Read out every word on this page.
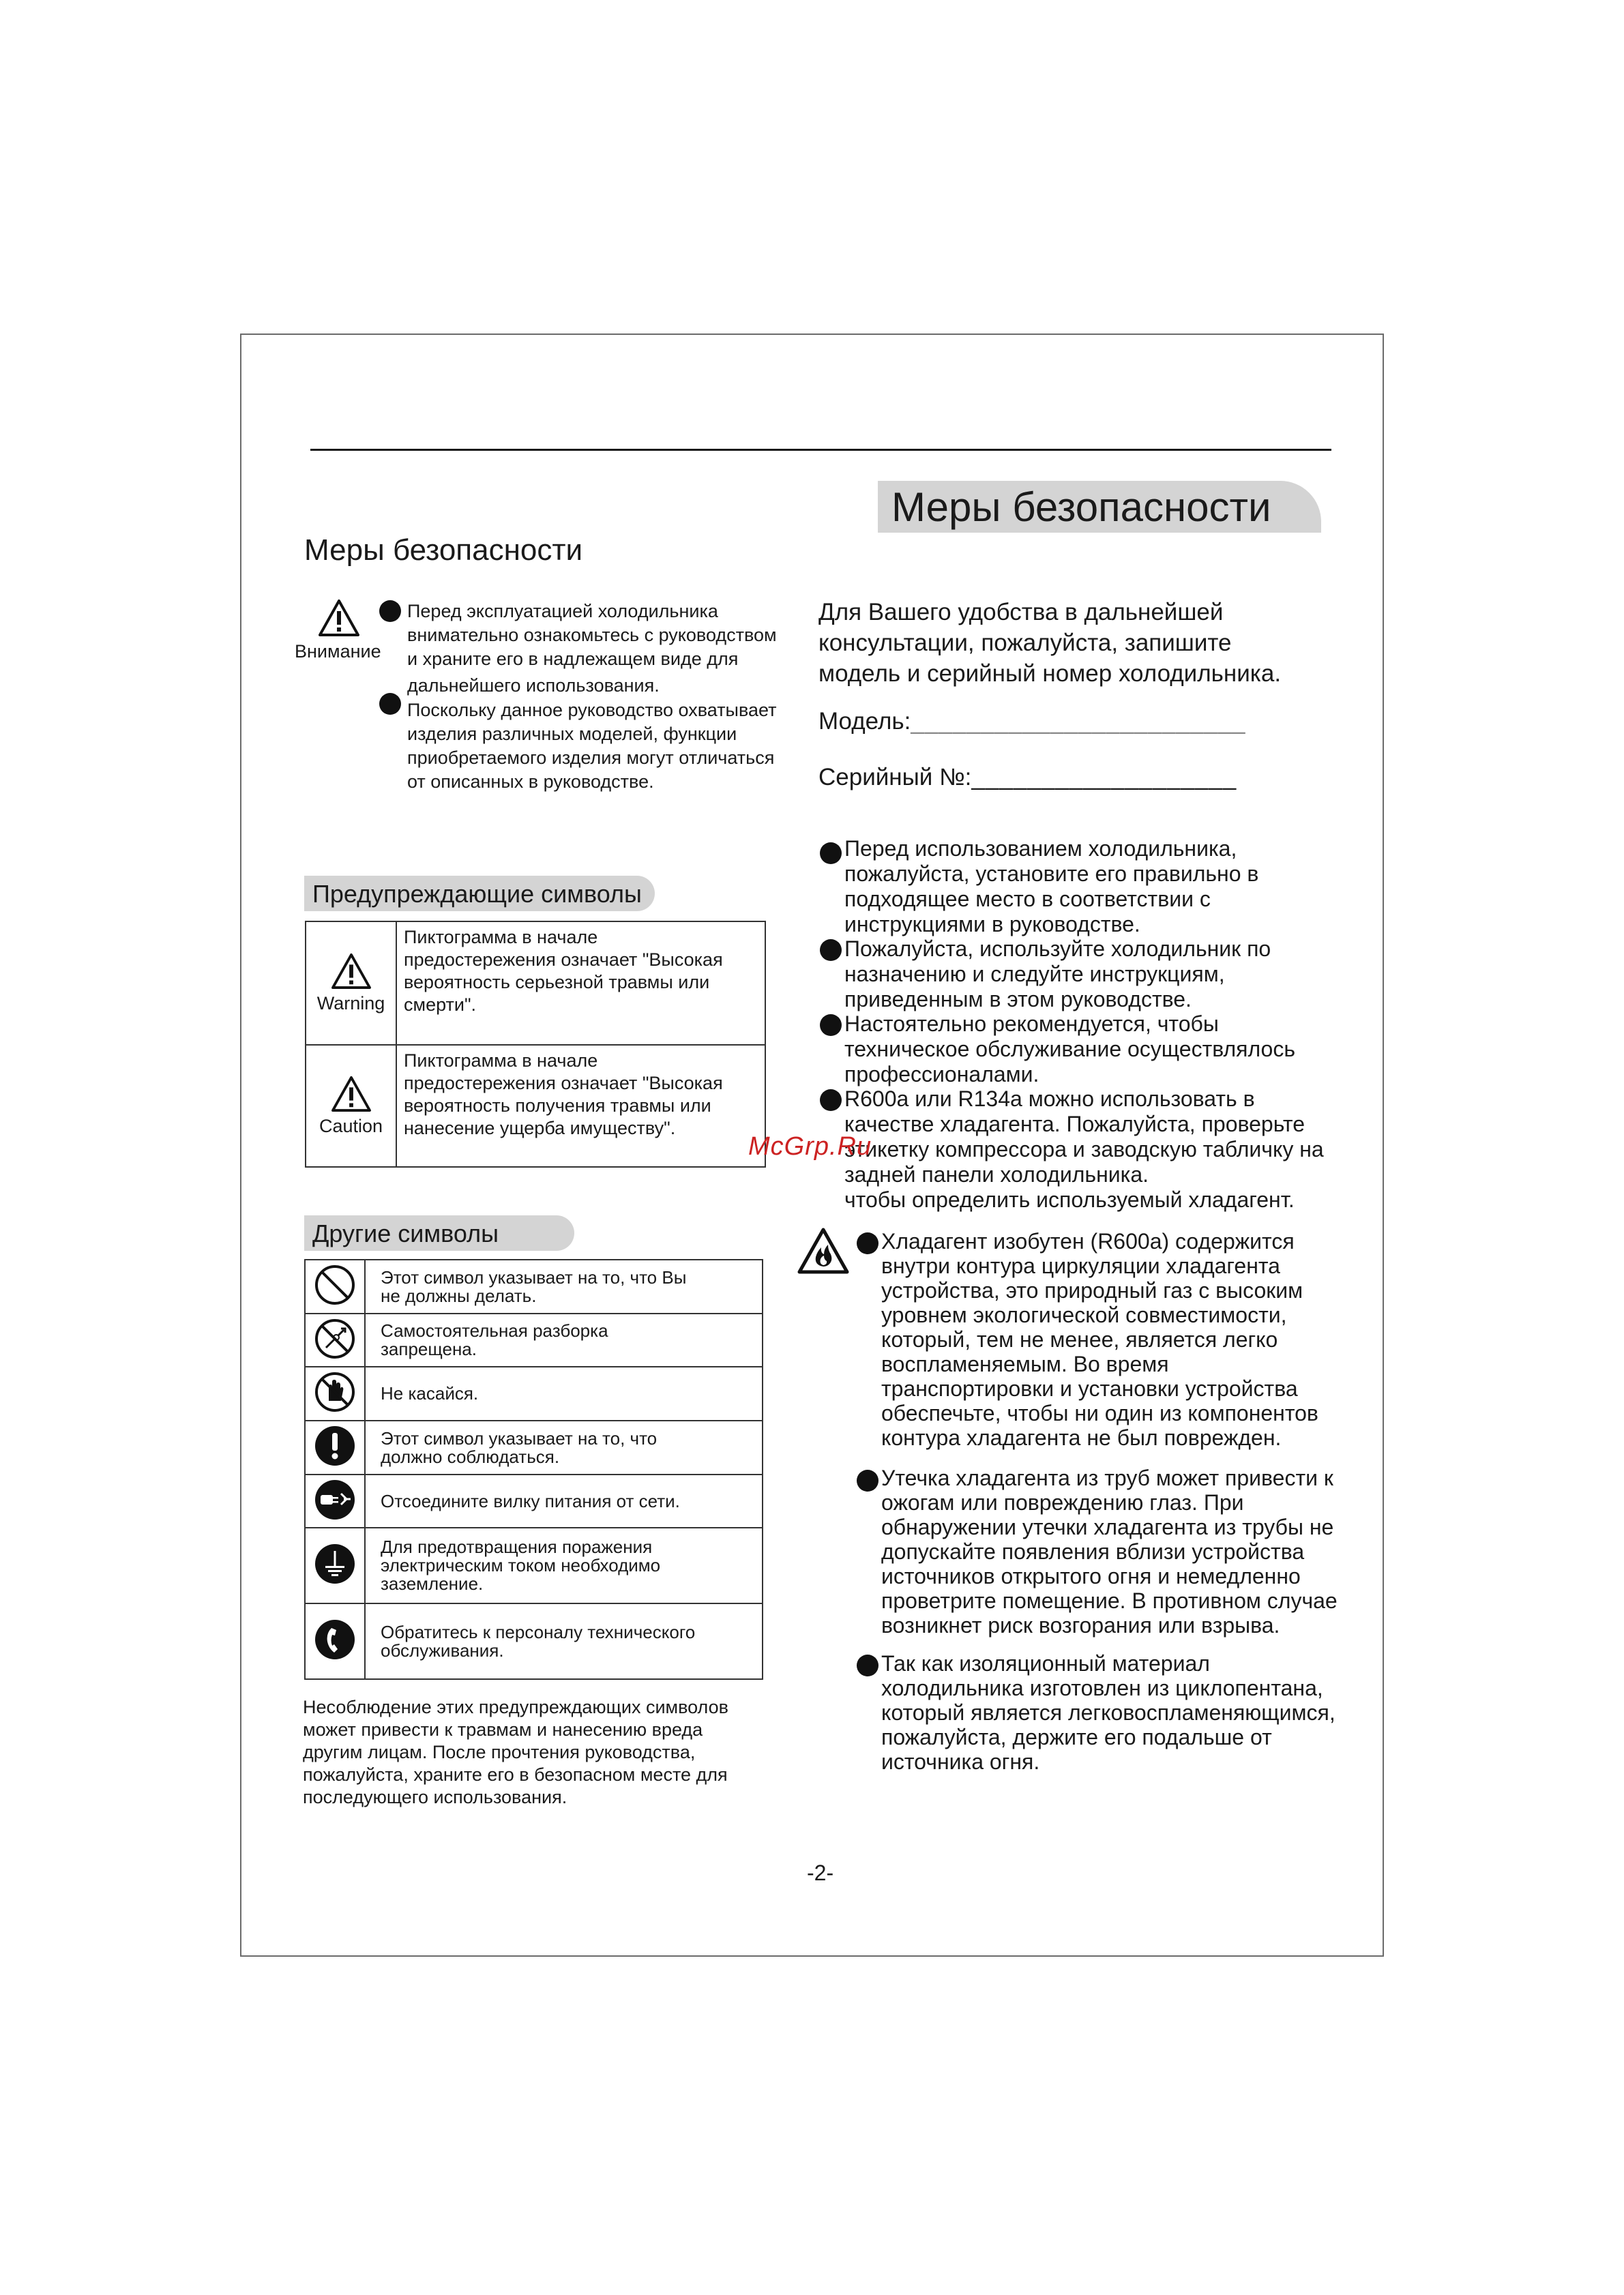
Меры безопасности
Меры безопасности
Внимание
Перед эксплуатацией холодильника
внимательно ознакомьтесь с руководством
и храните его в надлежащем виде для
дальнейшего использования.
Поскольку данное руководство охватывает
изделия различных моделей, функции
приобретаемого изделия могут отличаться
от описанных в руководстве.
Предупреждающие символы
Warning	Пиктограмма в начале
предостережения означает "Высокая
вероятность серьезной травмы или
смерти".

Caution	Пиктограмма в начале
предостережения означает "Высокая
вероятность получения травмы или
нанесение ущерба имуществу".
Другие символы

Этот символ указывает на то, что Вы
не должны делать.

Самостоятельная разборка
запрещена.

Не касайся.

Этот символ указывает на то, что
должно соблюдаться.

Отсоедините вилку питания от сети.

Для предотвращения поражения
электрическим током необходимо
заземление.

Обратитесь к персоналу технического
обслуживания.
Несоблюдение этих предупреждающих символов
может привести к травмам и нанесению вреда
другим лицам. После прочтения руководства,
пожалуйста, храните его в безопасном месте для
последующего использования.
Для Вашего удобства в дальнейшей
консультации, пожалуйста, запишите
модель и серийный номер холодильника.
Модель:________________________
Серийный №:___________________
Перед использованием холодильника,
пожалуйста, установите его правильно в
подходящее место в соответствии с
инструкциями в руководстве.
Пожалуйста, используйте холодильник по
назначению и следуйте инструкциям,
приведенным в этом руководстве.
Настоятельно рекомендуется, чтобы
техническое обслуживание осуществлялось
профессионалами.
R600a или R134a можно использовать в
качестве хладагента. Пожалуйста, проверьте
этикетку компрессора и заводскую табличку на
задней панели холодильника.
чтобы определить используемый хладагент.
McGrp.Ru
Хладагент изобутен (R600a) содержится
внутри контура циркуляции хладагента
устройства, это природный газ с высоким
уровнем экологической совместимости,
который, тем не менее, является легко
воспламеняемым. Во время
транспортировки и установки устройства
обеспечьте, чтобы ни один из компонентов
контура хладагента не был поврежден.
Утечка хладагента из труб может привести к
ожогам или повреждению глаз. При
обнаружении утечки хладагента из трубы не
допускайте появления вблизи устройства
источников открытого огня и немедленно
проветрите помещение. В противном случае
возникнет риск возгорания или взрыва.
Так как изоляционный материал
холодильника изготовлен из циклопентана,
который является легковоспламеняющимся,
пожалуйста, держите его подальше от
источника огня.
-2-
